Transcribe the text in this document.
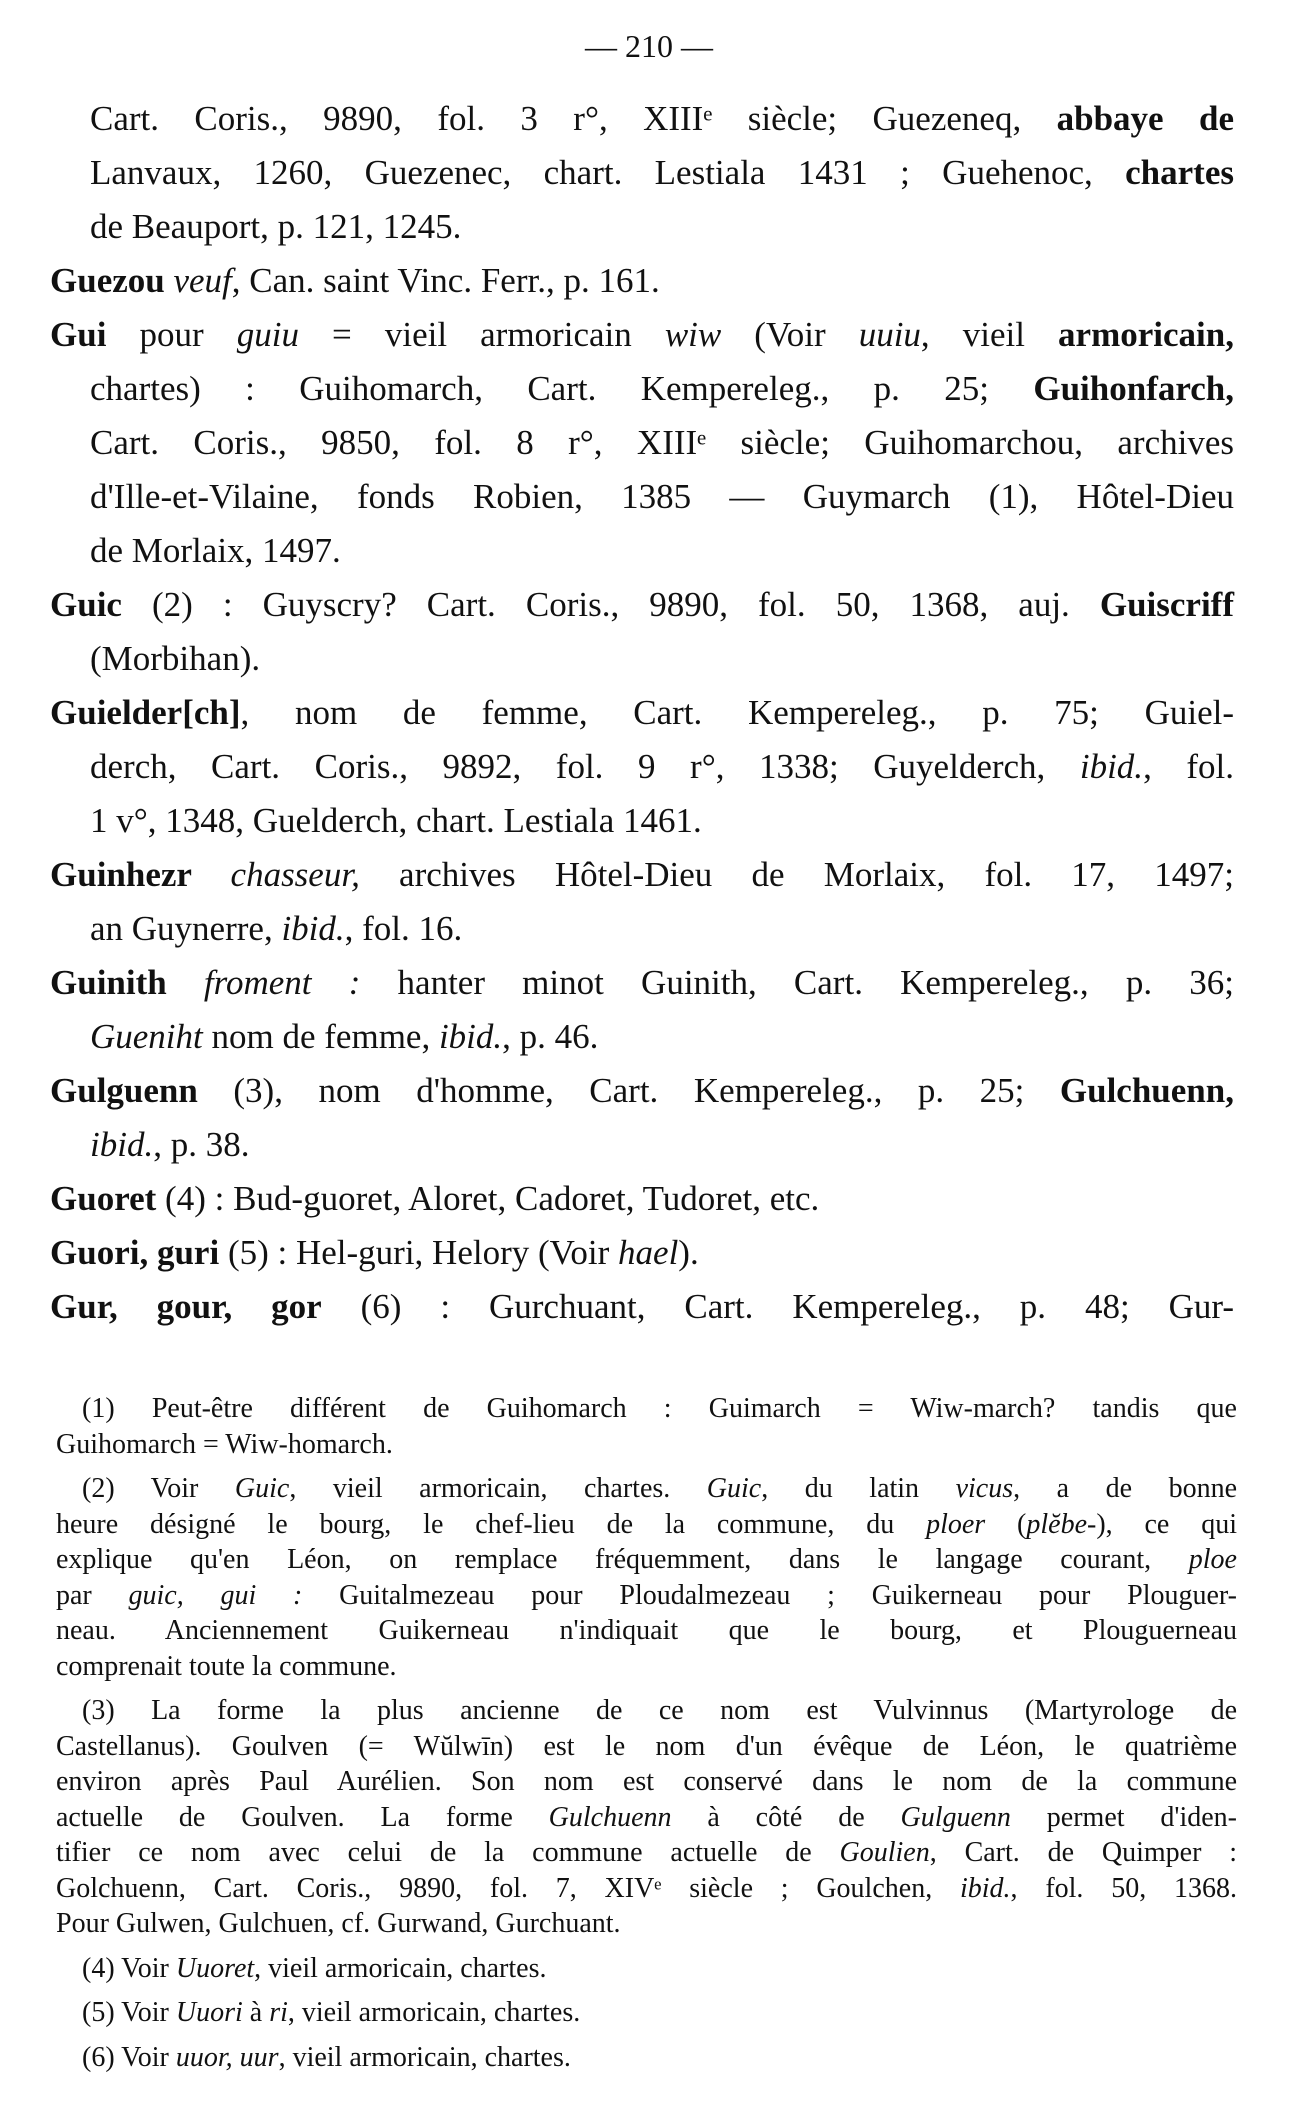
— 210 —
Cart. Coris., 9890, fol. 3 r°, XIIIᵉ siècle; Guezeneq, abbaye de
Lanvaux, 1260, Guezenec, chart. Lestiala 1431 ; Guehenoc, chartes
de Beauport, p. 121, 1245.
Guezou veuf, Can. saint Vinc. Ferr., p. 161.
Gui pour guiu = vieil armoricain wiw (Voir uuiu, vieil armoricain,
chartes) : Guihomarch, Cart. Kempereleg., p. 25; Guihonfarch,
Cart. Coris., 9850, fol. 8 r°, XIIIᵉ siècle; Guihomarchou, archives
d'Ille-et-Vilaine, fonds Robien, 1385 — Guymarch (1), Hôtel-Dieu
de Morlaix, 1497.
Guic (2) : Guyscry? Cart. Coris., 9890, fol. 50, 1368, auj. Guiscriff
(Morbihan).
Guielder[ch], nom de femme, Cart. Kempereleg., p. 75; Guiel-
derch, Cart. Coris., 9892, fol. 9 r°, 1338; Guyelderch, ibid., fol.
1 v°, 1348, Guelderch, chart. Lestiala 1461.
Guinhezr chasseur, archives Hôtel-Dieu de Morlaix, fol. 17, 1497;
an Guynerre, ibid., fol. 16.
Guinith froment : hanter minot Guinith, Cart. Kempereleg., p. 36;
Gueniht nom de femme, ibid., p. 46.
Gulguenn (3), nom d'homme, Cart. Kempereleg., p. 25; Gulchuenn,
ibid., p. 38.
Guoret (4) : Bud-guoret, Aloret, Cadoret, Tudoret, etc.
Guori, guri (5) : Hel-guri, Helory (Voir hael).
Gur, gour, gor (6) : Gurchuant, Cart. Kempereleg., p. 48; Gur-
(1) Peut-être différent de Guihomarch : Guimarch = Wiw-march? tandis que
Guihomarch = Wiw-homarch.
(2) Voir Guic, vieil armoricain, chartes. Guic, du latin vicus, a de bonne
heure désigné le bourg, le chef-lieu de la commune, du ploer (plĕbe-), ce qui
explique qu'en Léon, on remplace fréquemment, dans le langage courant, ploe
par guic, gui : Guitalmezeau pour Ploudalmezeau ; Guikerneau pour Plouguer-
neau. Anciennement Guikerneau n'indiquait que le bourg, et Plouguerneau
comprenait toute la commune.
(3) La forme la plus ancienne de ce nom est Vulvinnus (Martyrologe de
Castellanus). Goulven (= Wŭlwīn) est le nom d'un évêque de Léon, le quatrième
environ après Paul Aurélien. Son nom est conservé dans le nom de la commune
actuelle de Goulven. La forme Gulchuenn à côté de Gulguenn permet d'iden-
tifier ce nom avec celui de la commune actuelle de Goulien, Cart. de Quimper :
Golchuenn, Cart. Coris., 9890, fol. 7, XIVᵉ siècle ; Goulchen, ibid., fol. 50, 1368.
Pour Gulwen, Gulchuen, cf. Gurwand, Gurchuant.
(4) Voir Uuoret, vieil armoricain, chartes.
(5) Voir Uuori à ri, vieil armoricain, chartes.
(6) Voir uuor, uur, vieil armoricain, chartes.
